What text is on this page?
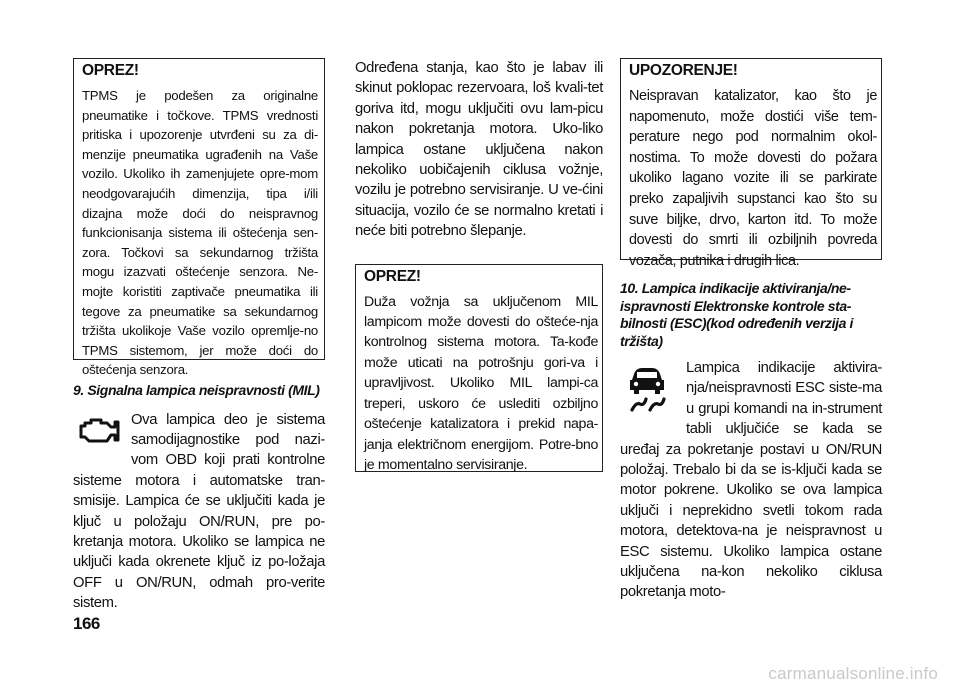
OPREZ!

TPMS je podešen za originalne pneumatike i točkove. TPMS vrednosti pritiska i upozorenje utvrđeni su za di-menzije pneumatika ugrađenih na Vaše vozilo. Ukoliko ih zamenjujete opre-mom neodgovarajućih dimenzija, tipa i/ili dizajna može doći do neispravnog funkcionisanja sistema ili oštećenja sen-zora. Točkovi sa sekundarnog tržišta mogu izazvati oštećenje senzora. Ne-mojte koristiti zaptivače pneumatika ili tegove za pneumatike sa sekundarnog tržišta ukolikoje Vaše vozilo opremlje-no TPMS sistemom, jer može doći do oštećenja senzora.

9. Signalna lampica neispravnosti (MIL)

Ova lampica deo je sistema samodijagnostike pod nazi-vom OBD koji prati kontrolne sisteme motora i automatske tran-smisije. Lampica će se uključiti kada je ključ u položaju ON/RUN, pre po-kretanja motora. Ukoliko se lampica ne uključi kada okrenete ključ iz po-ložaja OFF u ON/RUN, odmah pro-verite sistem.

Određena stanja, kao što je labav ili skinut poklopac rezervoara, loš kvali-tet goriva itd, mogu uključiti ovu lam-picu nakon pokretanja motora. Uko-liko lampica ostane uključena nakon nekoliko uobičajenih ciklusa vožnje, vozilu je potrebno servisiranje. U ve-ćini situacija, vozilo će se normalno kretati i neće biti potrebno šlepanje.

OPREZ!

Duža vožnja sa uključenom MIL lampicom može dovesti do ošteće-nja kontrolnog sistema motora. Ta-kođe može uticati na potrošnju gori-va i upravljivost. Ukoliko MIL lampi-ca treperi, uskoro će uslediti ozbiljno oštećenje katalizatora i prekid napa-janja električnom energijom. Potre-bno je momentalno servisiranje.

UPOZORENJE!

Neispravan katalizator, kao što je napomenuto, može dostići više tem-perature nego pod normalnim okol-nostima. To može dovesti do požara ukoliko lagano vozite ili se parkirate preko zapaljivih supstanci kao što su suve biljke, drvo, karton itd. To može dovesti do smrti ili ozbiljnih povreda vozača, putnika i drugih lica.

10. Lampica indikacije aktiviranja/ne-ispravnosti Elektronske kontrole sta-bilnosti (ESC)(kod određenih verzija i tržišta)

Lampica indikacije aktivira-nja/neispravnosti ESC siste-ma u grupi komandi na in-strument tabli uključiće se kada se uređaj za pokretanje postavi u ON/RUN položaj. Trebalo bi da se is-ključi kada se motor pokrene. Ukoliko se ova lampica uključi i neprekidno svetli tokom rada motora, detektova-na je neispravnost u ESC sistemu. Ukoliko lampica ostane uključena na-kon nekoliko ciklusa pokretanja moto-

166
carmanualsonline.info
